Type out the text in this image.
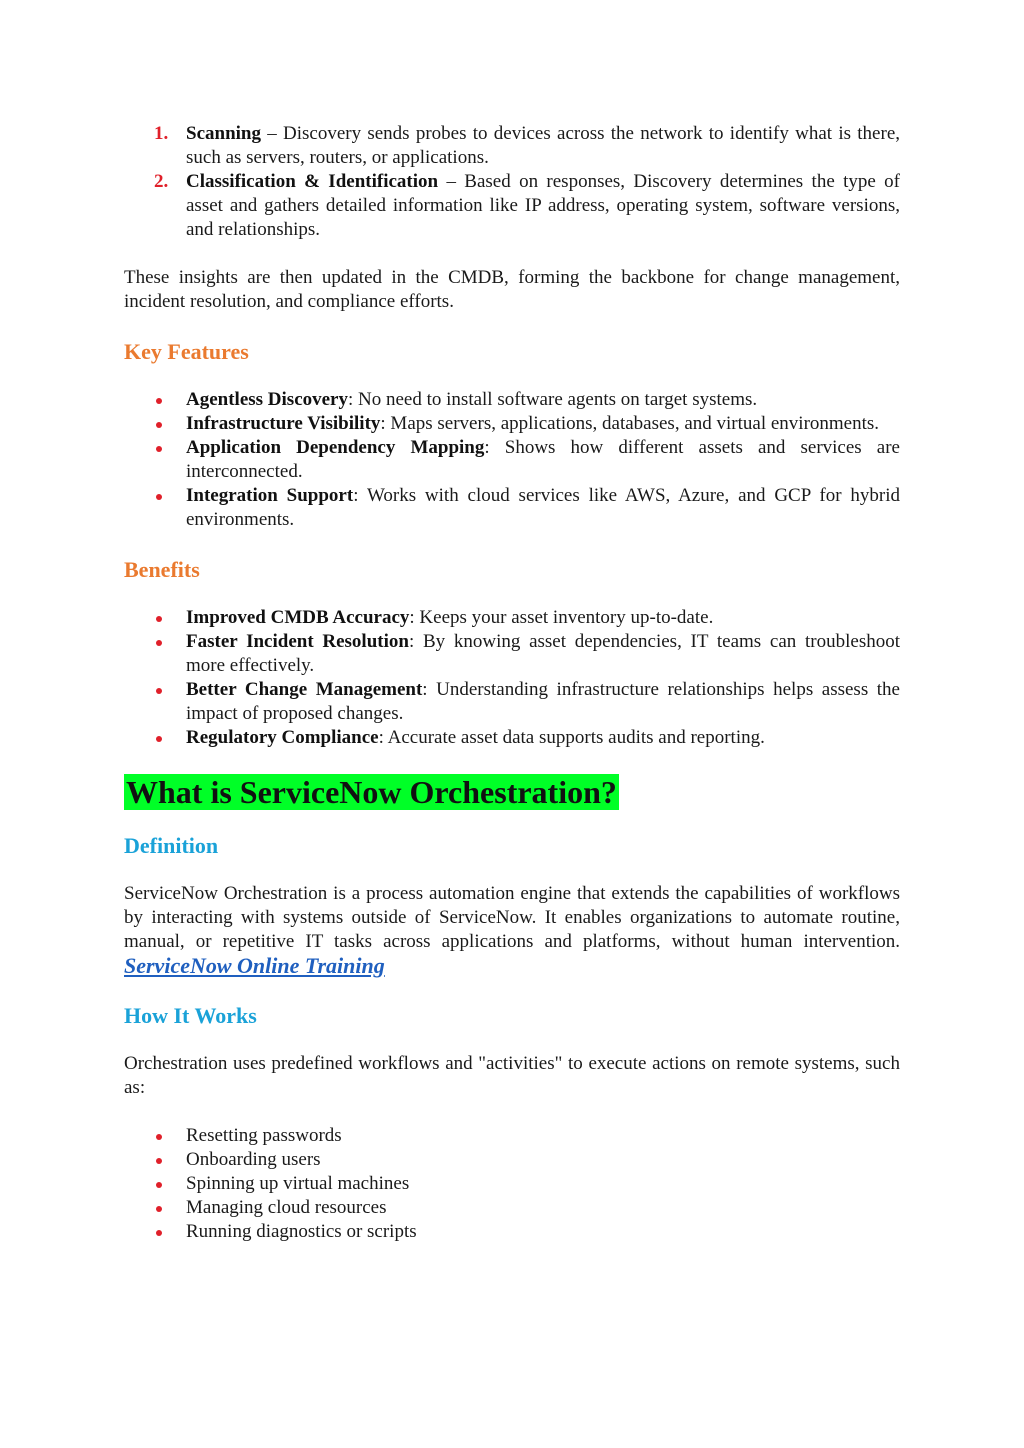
1. Scanning – Discovery sends probes to devices across the network to identify what is there, such as servers, routers, or applications.
2. Classification & Identification – Based on responses, Discovery determines the type of asset and gathers detailed information like IP address, operating system, software versions, and relationships.

These insights are then updated in the CMDB, forming the backbone for change management, incident resolution, and compliance efforts.

Key Features
Agentless Discovery: No need to install software agents on target systems.
Infrastructure Visibility: Maps servers, applications, databases, and virtual environments.
Application Dependency Mapping: Shows how different assets and services are interconnected.
Integration Support: Works with cloud services like AWS, Azure, and GCP for hybrid environments.
Benefits
Improved CMDB Accuracy: Keeps your asset inventory up-to-date.
Faster Incident Resolution: By knowing asset dependencies, IT teams can troubleshoot more effectively.
Better Change Management: Understanding infrastructure relationships helps assess the impact of proposed changes.
Regulatory Compliance: Accurate asset data supports audits and reporting.
What is ServiceNow Orchestration?
Definition

ServiceNow Orchestration is a process automation engine that extends the capabilities of workflows by interacting with systems outside of ServiceNow. It enables organizations to automate routine, manual, or repetitive IT tasks across applications and platforms, without human intervention. ServiceNow Online Training

How It Works

Orchestration uses predefined workflows and "activities" to execute actions on remote systems, such as:

Resetting passwords
Onboarding users
Spinning up virtual machines
Managing cloud resources
Running diagnostics or scripts
